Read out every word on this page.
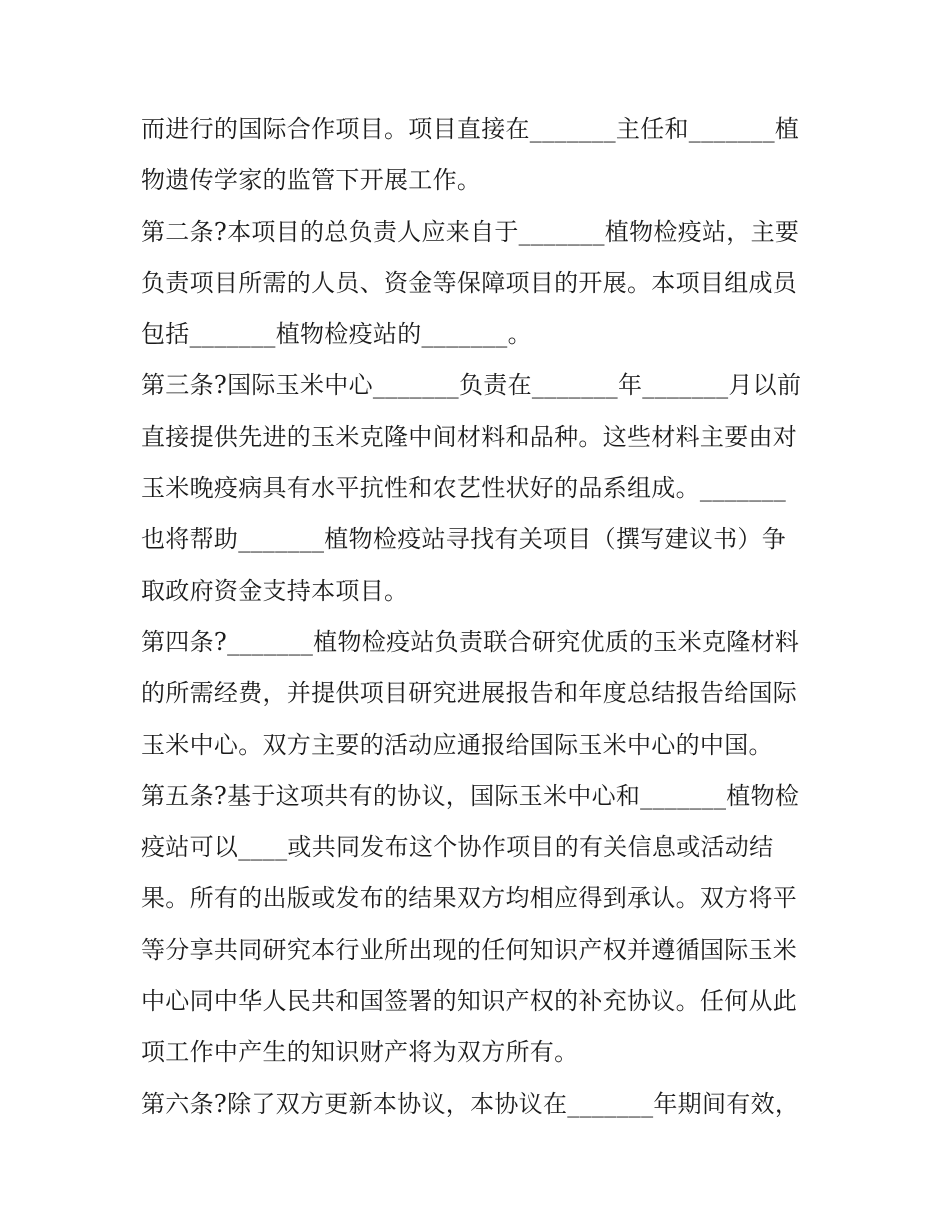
而进行的国际合作项目。项目直接在_______主任和_______植
物遗传学家的监管下开展工作。
第二条?本项目的总负责人应来自于_______植物检疫站，主要
负责项目所需的人员、资金等保障项目的开展。本项目组成员
包括_______植物检疫站的_______。
第三条?国际玉米中心_______负责在_______年_______月以前
直接提供先进的玉米克隆中间材料和品种。这些材料主要由对
玉米晚疫病具有水平抗性和农艺性状好的品系组成。_______
也将帮助_______植物检疫站寻找有关项目（撰写建议书）争
取政府资金支持本项目。
第四条?_______植物检疫站负责联合研究优质的玉米克隆材料
的所需经费，并提供项目研究进展报告和年度总结报告给国际
玉米中心。双方主要的活动应通报给国际玉米中心的中国。
第五条?基于这项共有的协议，国际玉米中心和_______植物检
疫站可以____或共同发布这个协作项目的有关信息或活动结
果。所有的出版或发布的结果双方均相应得到承认。双方将平
等分享共同研究本行业所出现的任何知识产权并遵循国际玉米
中心同中华人民共和国签署的知识产权的补充协议。任何从此
项工作中产生的知识财产将为双方所有。
第六条?除了双方更新本协议，本协议在_______年期间有效，
